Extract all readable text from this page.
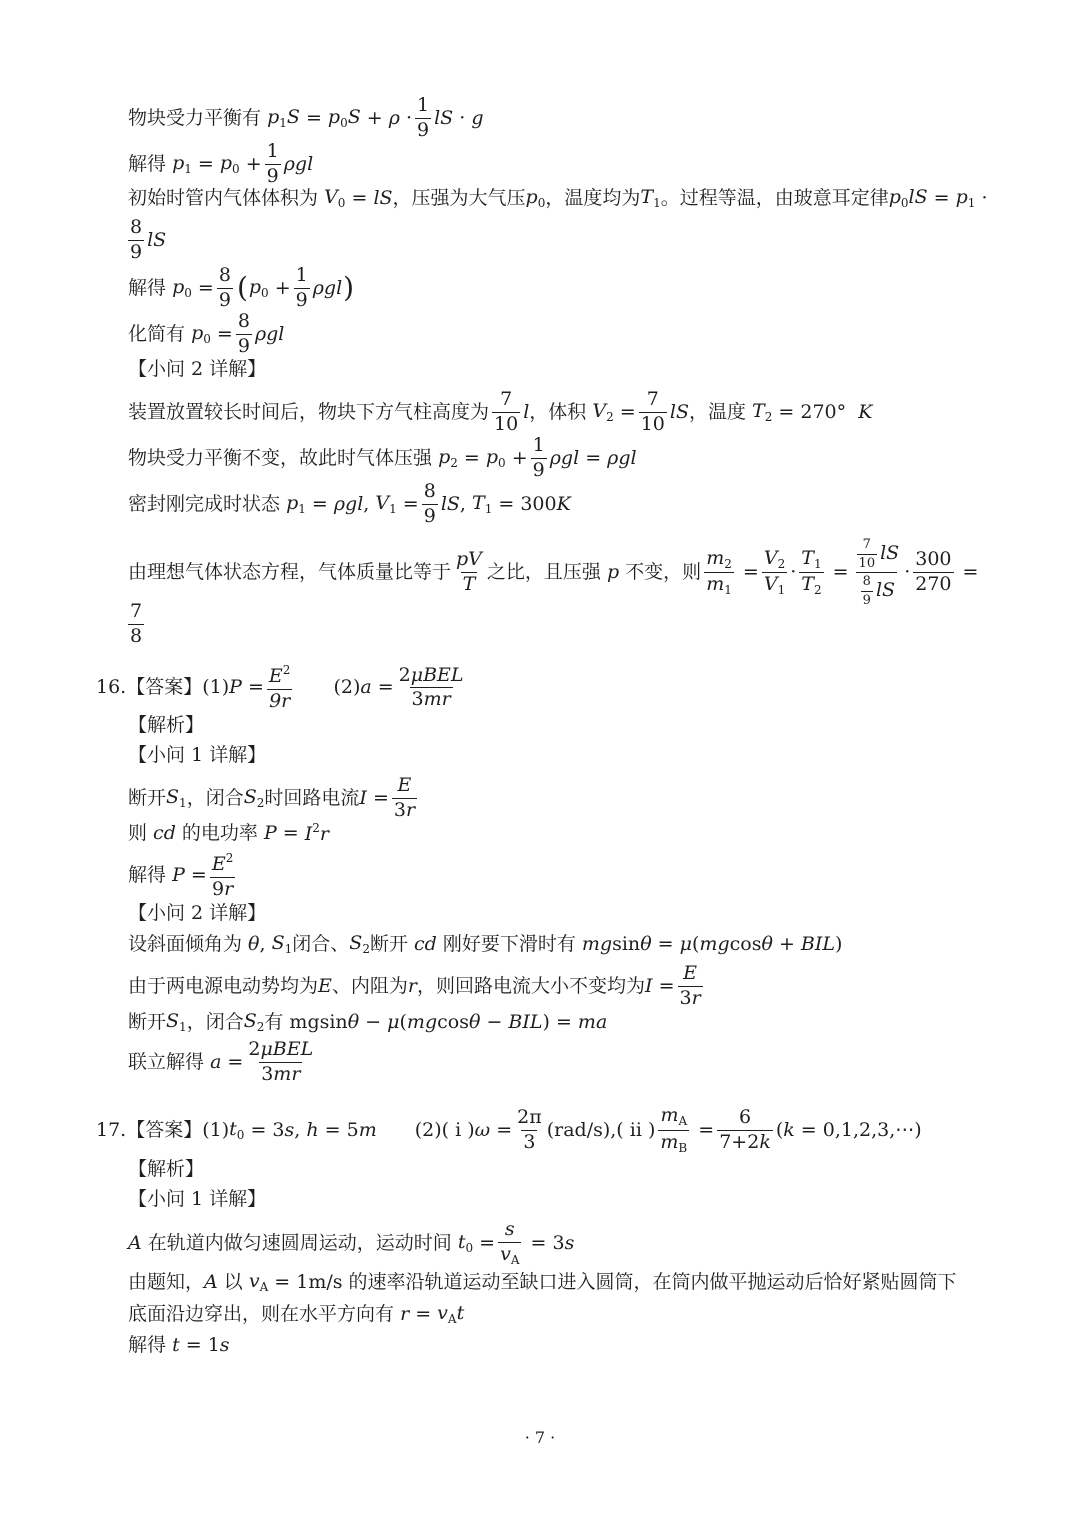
物块受力平衡有
$p_1S = p_0S + \rho \cdot \frac{1}{9}$ lS · g
解得
$p_1 = p_0 + \frac{1}{9}$ ρgl
初始时管内气体体积为
$V_0$ = lS ，压强为大气压 $p_0$ ，温度均为 $T_1$ 。过程等温，由玻意耳定律 $p_0lS = p_1$ ·
$\frac{8}{9}$ lS
解得
$p_0 = \frac{8}{9}$ ( $p_0 + \frac{1}{9}$ ρgl )
化简有
$p_0 = \frac{8}{9}$ ρgl
【小问 2 详解】
装置放置较长时间后，物块下方气柱高度为 $\frac{7}{10}$ l ，体积
$V_2 = \frac{7}{10}$ lS ，温度
$T_2 = 270^\circ$ K
物块受力平衡不变，故此时气体压强
$p_2 = p_0 + \frac{1}{9}$ ρgl = ρgl
密封刚完成时状态
$p_1 = \rho gl$ , $V_1 = \frac{8}{9}$ lS , $T_1 = 300$ K
由理想气体状态方程，气体质量比等于 $\frac{pV}{T}$ 之比，且压强 p 不变，则 $\frac{m_2}{m_1} = \frac{V_2}{V_1} \cdot \frac{T_1}{T_2} = \frac{\frac{7}{10} lS}{\frac{8}{9} lS} \cdot \frac{300}{270}$ =
$\frac{7}{8}$
16. 【答案】 (1) $P = \frac{E^2}{9r} (2) a = \frac{\text{2μBEL}}{3mr}$
【解析】
【小问 1 详解】
断开 $S_1$ ，闭合 $S_2$ 时回路电流 $I = \frac{E}{3r}$
则 cd 的电功率
$P = I^2r$
解得
$P = \frac{E^2}{9r}$
【小问 2 详解】
设斜面倾角为 θ , $S_1$ 闭合、 $S_2$ 断开 cd 刚好要下滑时有
mg sin θ = μ ( mg cos θ + BIL )
由于两电源电动势均为 E 、内阻为 r ，则回路电流大小不变均为 $I = \frac{E}{3r}$
断开 $S_1$ ，闭合 $S_2$ 有 mgsin θ − μ ( mg cos θ − BIL ) = ma
联立解得
$a = \frac{\text{2μBEL}}{3mr}$
17. 【答案】 (1) $t_0 = 3$ s , h = 5 m (2)( i ) $\omega = \frac{2\pi}{3} (rad/s)$,( ii ) $\frac{m_A}{m_B} = \frac{6}{7+2k}$ ( k = 0,1,2,3,⋯)
【解析】
【小问 1 详解】
A 在轨道内做匀速圆周运动，运动时间
$t_0 = \frac{s}{v_A} = 3$ s
由题知， A 以
$v_A = 1m/s$ 的速率沿轨道运动至缺口进入圆筒，在筒内做平抛运动后恰好紧贴圆筒下
底面沿边穿出，则在水平方向有
$r = v_At$
解得
t = 1 s
· 7 ·
